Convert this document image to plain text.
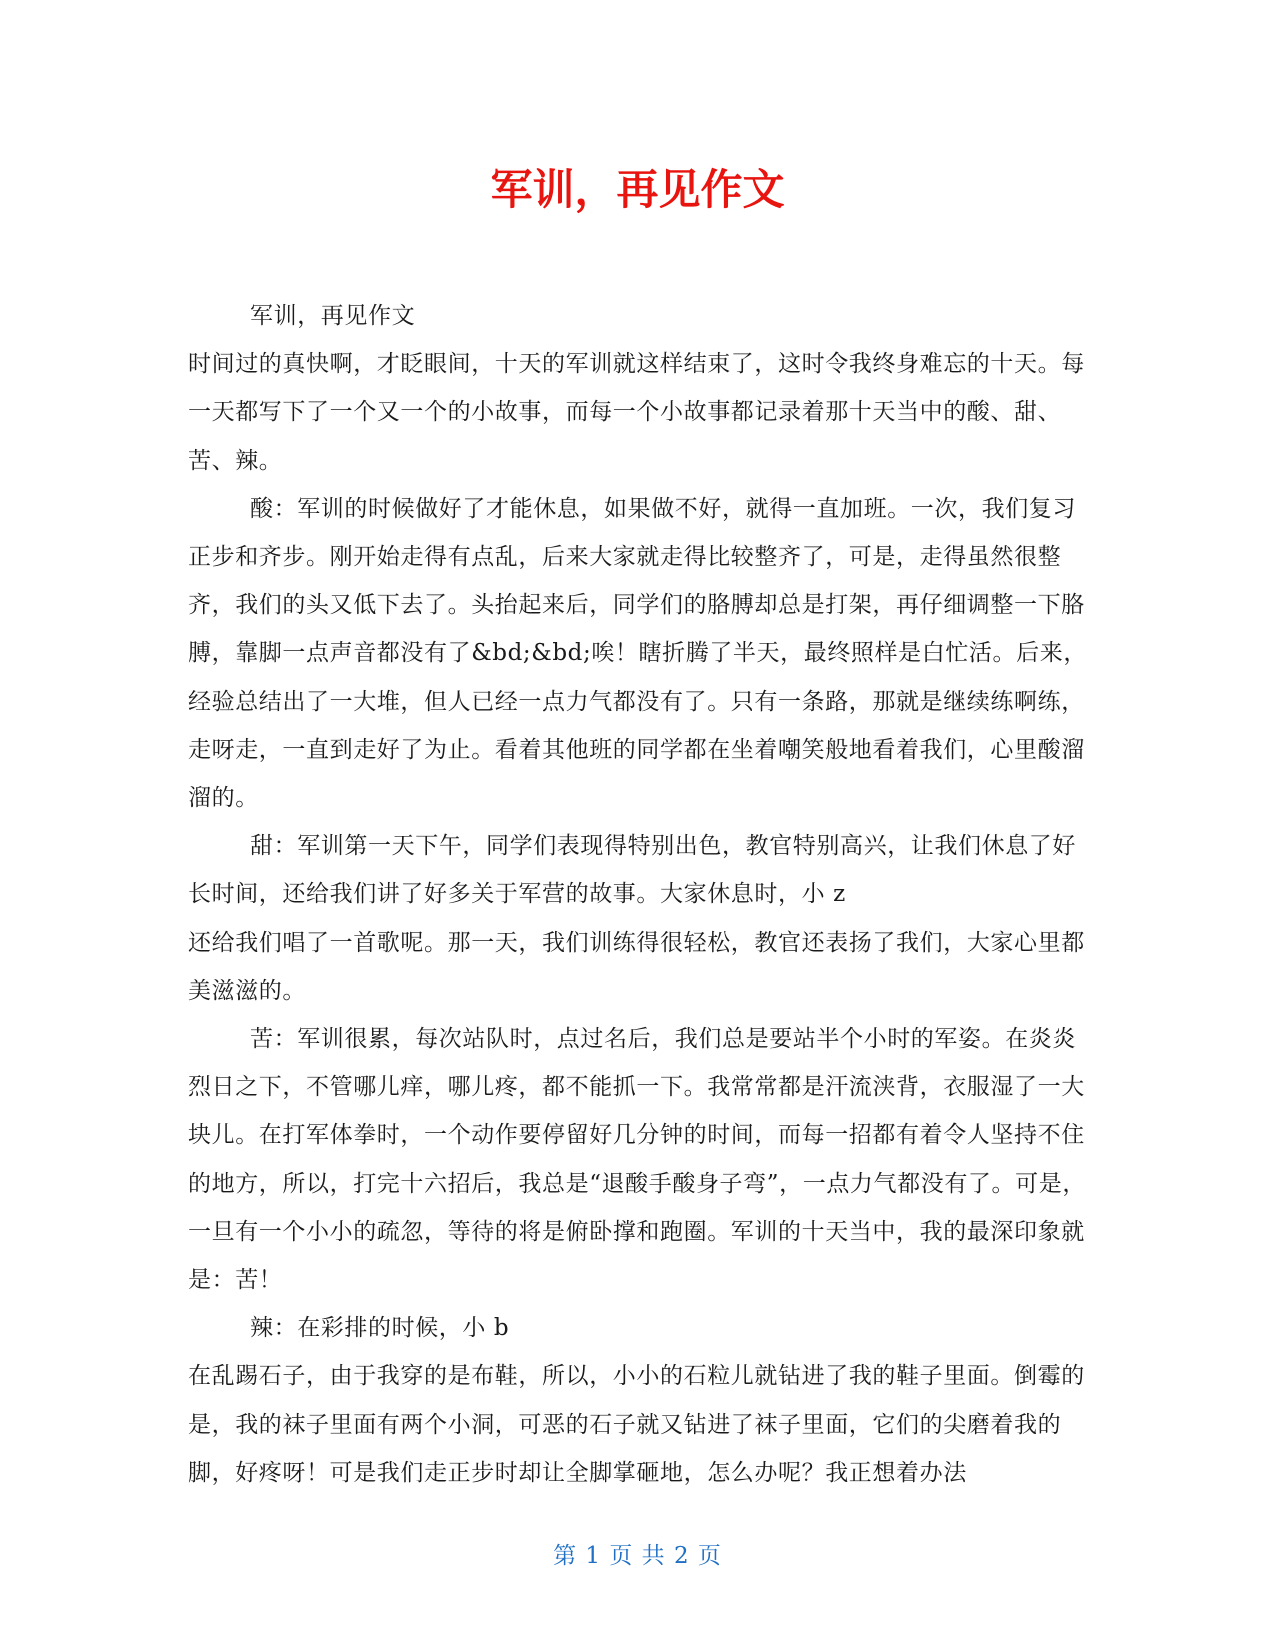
军训，再见作文

军训，再见作文

时间过的真快啊，才眨眼间，十天的军训就这样结束了，这时令我终身难忘的十天。每一天都写下了一个又一个的小故事，而每一个小故事都记录着那十天当中的酸、甜、苦、辣。

酸：军训的时候做好了才能休息，如果做不好，就得一直加班。一次，我们复习正步和齐步。刚开始走得有点乱，后来大家就走得比较整齐了，可是，走得虽然很整齐，我们的头又低下去了。头抬起来后，同学们的胳膊却总是打架，再仔细调整一下胳膊，靠脚一点声音都没有了&bd;&bd;唉！瞎折腾了半天，最终照样是白忙活。后来，经验总结出了一大堆，但人已经一点力气都没有了。只有一条路，那就是继续练啊练，走呀走，一直到走好了为止。看着其他班的同学都在坐着嘲笑般地看着我们，心里酸溜溜的。

甜：军训第一天下午，同学们表现得特别出色，教官特别高兴，让我们休息了好长时间，还给我们讲了好多关于军营的故事。大家休息时，小 z

还给我们唱了一首歌呢。那一天，我们训练得很轻松，教官还表扬了我们，大家心里都美滋滋的。

苦：军训很累，每次站队时，点过名后，我们总是要站半个小时的军姿。在炎炎烈日之下，不管哪儿痒，哪儿疼，都不能抓一下。我常常都是汗流浃背，衣服湿了一大块儿。在打军体拳时，一个动作要停留好几分钟的时间，而每一招都有着令人坚持不住的地方，所以，打完十六招后，我总是“退酸手酸身子弯”，一点力气都没有了。可是，一旦有一个小小的疏忽，等待的将是俯卧撑和跑圈。军训的十天当中，我的最深印象就是：苦！

辣：在彩排的时候，小 b

在乱踢石子，由于我穿的是布鞋，所以，小小的石粒儿就钻进了我的鞋子里面。倒霉的是，我的袜子里面有两个小洞，可恶的石子就又钻进了袜子里面，它们的尖磨着我的脚，好疼呀！可是我们走正步时却让全脚掌砸地，怎么办呢？我正想着办法

第 1 页 共 2 页
